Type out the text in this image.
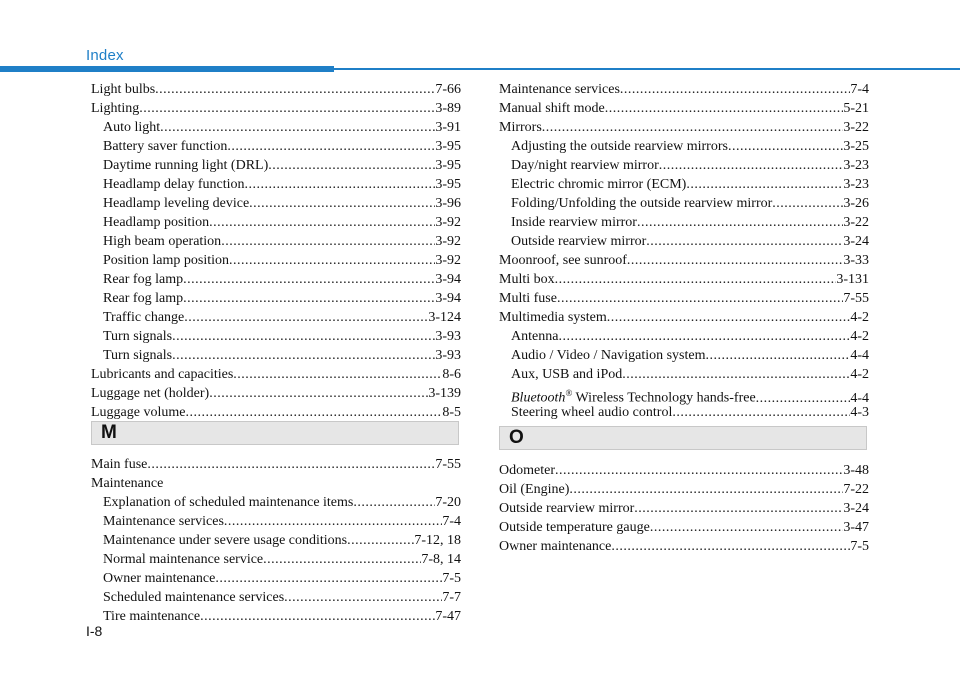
Index
Light bulbs .....	7-66
Lighting .....	3-89
Auto light .....	3-91
Battery saver function .....	3-95
Daytime running light (DRL) .....	3-95
Headlamp delay function .....	3-95
Headlamp leveling device .....	3-96
Headlamp position .....	3-92
High beam operation .....	3-92
Position lamp position .....	3-92
Rear fog lamp .....	3-94
Rear fog lamp .....	3-94
Traffic change .....	3-124
Turn signals .....	3-93
Turn signals .....	3-93
Lubricants and capacities .....	8-6
Luggage net (holder) .....	3-139
Luggage volume .....	8-5
M
Main fuse .....	7-55
Maintenance
Explanation of scheduled maintenance items .....	7-20
Maintenance services .....	7-4
Maintenance under severe usage conditions .....	7-12, 18
Normal maintenance service .....	7-8, 14
Owner maintenance .....	7-5
Scheduled maintenance services .....	7-7
Tire maintenance .....	7-47
Maintenance services .....	7-4
Manual shift mode .....	5-21
Mirrors .....	3-22
Adjusting the outside rearview mirrors .....	3-25
Day/night rearview mirror .....	3-23
Electric chromic mirror (ECM) .....	3-23
Folding/Unfolding the outside rearview mirror .....	3-26
Inside rearview mirror .....	3-22
Outside rearview mirror .....	3-24
Moonroof, see sunroof .....	3-33
Multi box .....	3-131
Multi fuse .....	7-55
Multimedia system .....	4-2
Antenna .....	4-2
Audio / Video / Navigation system .....	4-4
Aux, USB and iPod .....	4-2
Bluetooth® Wireless Technology hands-free .....	4-4
Steering wheel audio control .....	4-3
O
Odometer .....	3-48
Oil (Engine) .....	7-22
Outside rearview mirror .....	3-24
Outside temperature gauge .....	3-47
Owner maintenance .....	7-5
I-8
